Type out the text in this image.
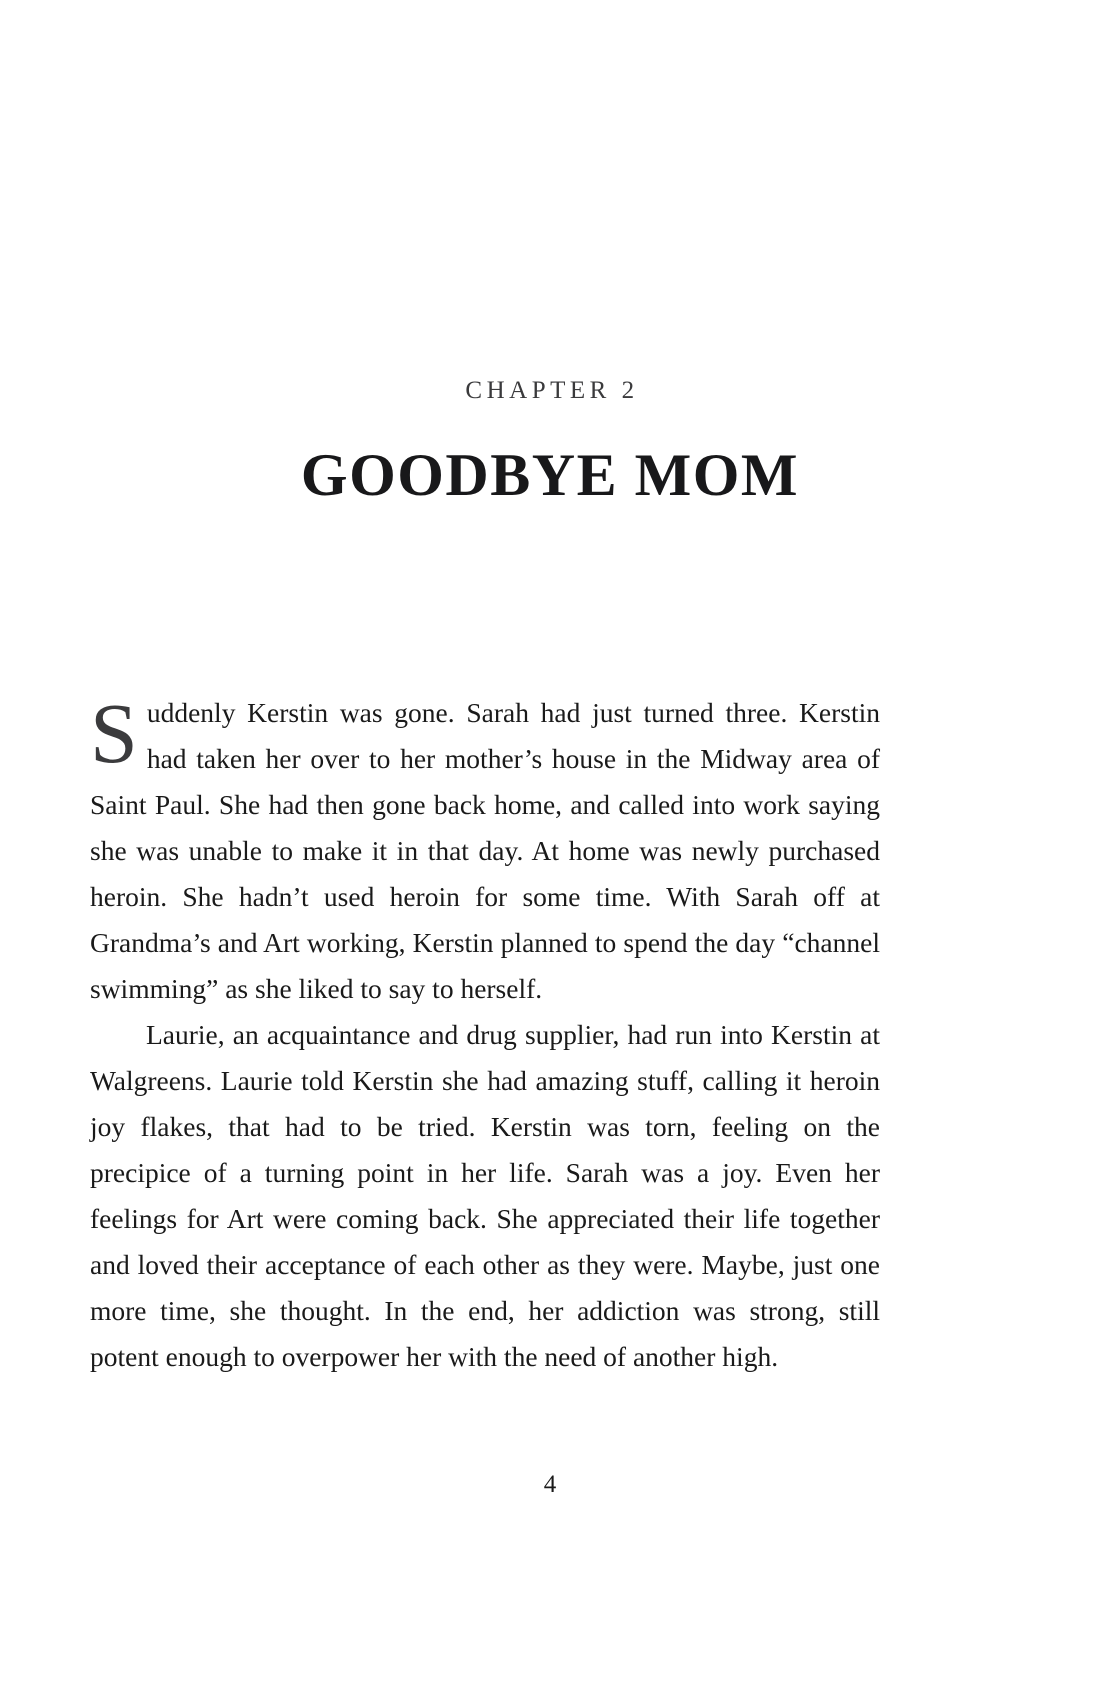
CHAPTER 2
GOODBYE MOM

Suddenly Kerstin was gone. Sarah had just turned three. Kerstin had taken her over to her mother’s house in the Midway area of Saint Paul. She had then gone back home, and called into work saying she was unable to make it in that day. At home was newly purchased heroin. She hadn’t used heroin for some time. With Sarah off at Grandma’s and Art working, Kerstin planned to spend the day “channel swimming” as she liked to say to herself.

Laurie, an acquaintance and drug supplier, had run into Kerstin at Walgreens. Laurie told Kerstin she had amazing stuff, calling it heroin joy flakes, that had to be tried. Kerstin was torn, feeling on the precipice of a turning point in her life. Sarah was a joy. Even her feelings for Art were coming back. She appreciated their life together and loved their acceptance of each other as they were. Maybe, just one more time, she thought. In the end, her addiction was strong, still potent enough to overpower her with the need of another high.

4
